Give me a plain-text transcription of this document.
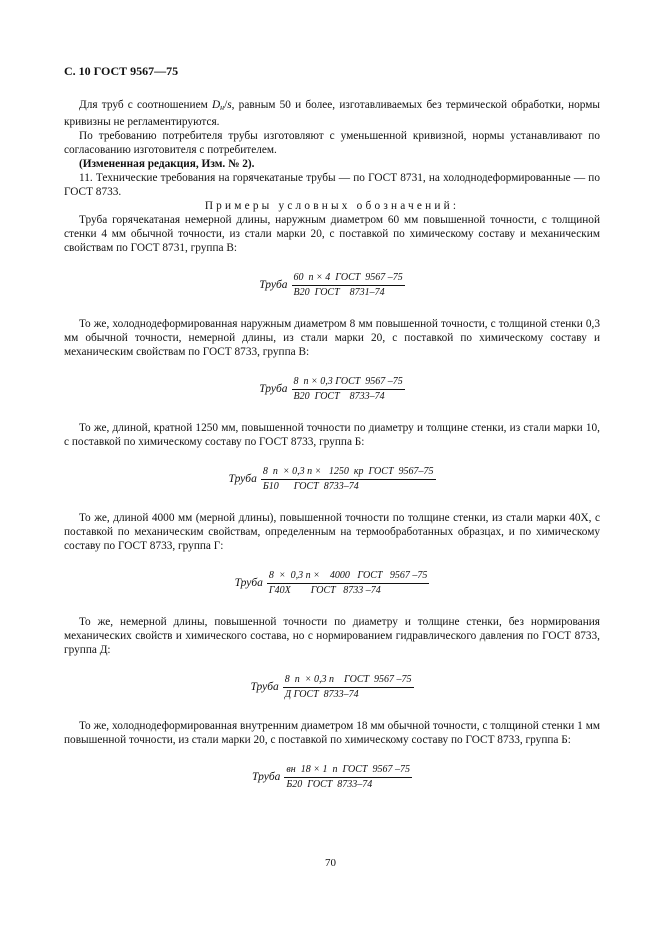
С. 10 ГОСТ 9567—75

Для труб с соотношением $D_н/s$, равным 50 и более, изготавливаемых без термической обработки, нормы кривизны не регламентируются.

По требованию потребителя трубы изготовляют с уменьшенной кривизной, нормы устанавливают по согласованию изготовителя с потребителем.

(Измененная редакция, Изм. № 2).

11. Технические требования на горячекатаные трубы — по ГОСТ 8731, на холоднодеформированные — по ГОСТ 8733.

Примеры условных обозначений:

Труба горячекатаная немерной длины, наружным диаметром 60 мм повышенной точности, с толщиной стенки 4 мм обычной точности, из стали марки 20, с поставкой по химическому составу и механическим свойствам по ГОСТ 8731, группа В:

Труба $\frac{\text{60  п × 4  ГОСТ  9567 –75}}{\text{В20  ГОСТ    8731–74}}$

То же, холоднодеформированная наружным диаметром 8 мм повышенной точности, с толщиной стенки 0,3 мм обычной точности, немерной длины, из стали марки 20, с поставкой по химическому составу и механическим свойствам по ГОСТ 8733, группа В:

Труба $\frac{\text{8  п × 0,3 ГОСТ  9567 –75}}{\text{В20  ГОСТ    8733–74}}$

То же, длиной, кратной 1250 мм, повышенной точности по диаметру и толщине стенки, из стали марки 10, с поставкой по химическому составу по ГОСТ 8733, группа Б:

Труба $\frac{\text{8  п  × 0,3 п ×   1250  кр  ГОСТ  9567–75}}{\text{Б10      ГОСТ  8733–74}}$

То же, длиной 4000 мм (мерной длины), повышенной точности по толщине стенки, из стали марки 40Х, с поставкой по механическим свойствам, определенным на термообработанных образцах, и по химическому составу по ГОСТ 8733, группа Г:

Труба $\frac{\text{8  ×  0,3 п ×    4000   ГОСТ   9567 –75}}{\text{Г40Х        ГОСТ   8733 –74}}$

То же, немерной длины, повышенной точности по диаметру и толщине стенки, без нормирования механических свойств и химического состава, но с нормированием гидравлического давления по ГОСТ 8733, группа Д:

Труба $\frac{\text{8  п  × 0,3 п    ГОСТ  9567 –75}}{\text{Д ГОСТ  8733–74}}$

То же, холоднодеформированная внутренним диаметром 18 мм обычной точности, с толщиной стенки 1 мм повышенной точности, из стали марки 20, с поставкой по химическому составу по ГОСТ 8733, группа Б:

Труба $\frac{\text{вн  18 × 1  п  ГОСТ  9567 –75}}{\text{Б20  ГОСТ  8733–74}}$
70
